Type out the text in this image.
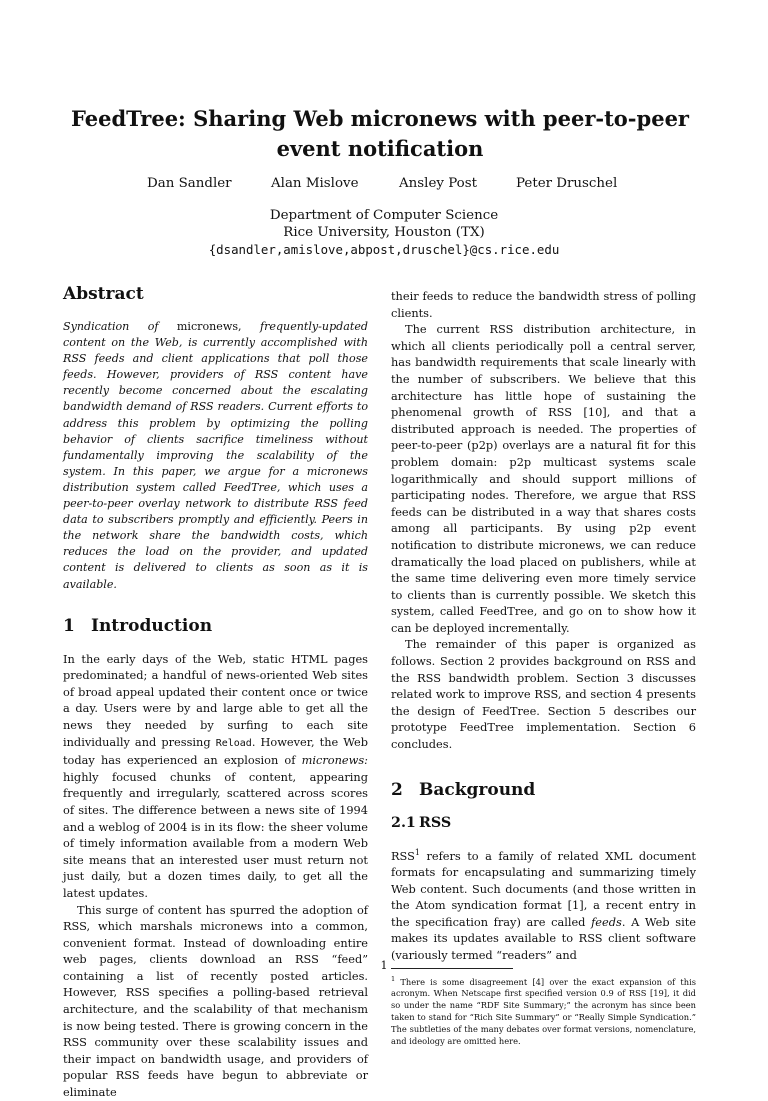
FeedTree: Sharing Web micronews with peer-to-peer event notification
Dan Sandler	Alan Mislove	Ansley Post	Peter Druschel
Department of Computer Science
Rice University, Houston (TX)
{dsandler,amislove,abpost,druschel}@cs.rice.edu
Abstract

Syndication of micronews, frequently-updated content on the Web, is currently accomplished with RSS feeds and client applications that poll those feeds. However, providers of RSS content have recently become concerned about the escalating bandwidth demand of RSS readers. Current efforts to address this problem by optimizing the polling behavior of clients sacrifice timeliness without fundamentally improving the scalability of the system. In this paper, we argue for a micronews distribution system called FeedTree, which uses a peer-to-peer overlay network to distribute RSS feed data to subscribers promptly and efficiently. Peers in the network share the bandwidth costs, which reduces the load on the provider, and updated content is delivered to clients as soon as it is available.

1 Introduction

In the early days of the Web, static HTML pages predominated; a handful of news-oriented Web sites of broad appeal updated their content once or twice a day. Users were by and large able to get all the news they needed by surfing to each site individually and pressing Reload. However, the Web today has experienced an explosion of micronews: highly focused chunks of content, appearing frequently and irregularly, scattered across scores of sites. The difference between a news site of 1994 and a weblog of 2004 is in its flow: the sheer volume of timely information available from a modern Web site means that an interested user must return not just daily, but a dozen times daily, to get all the latest updates.

This surge of content has spurred the adoption of RSS, which marshals micronews into a common, convenient format. Instead of downloading entire web pages, clients download an RSS “feed” containing a list of recently posted articles. However, RSS specifies a polling-based retrieval architecture, and the scalability of that mechanism is now being tested. There is growing concern in the RSS community over these scalability issues and their impact on bandwidth usage, and providers of popular RSS feeds have begun to abbreviate or eliminate

their feeds to reduce the bandwidth stress of polling clients.

The current RSS distribution architecture, in which all clients periodically poll a central server, has bandwidth requirements that scale linearly with the number of subscribers. We believe that this architecture has little hope of sustaining the phenomenal growth of RSS [10], and that a distributed approach is needed. The properties of peer-to-peer (p2p) overlays are a natural fit for this problem domain: p2p multicast systems scale logarithmically and should support millions of participating nodes. Therefore, we argue that RSS feeds can be distributed in a way that shares costs among all participants. By using p2p event notification to distribute micronews, we can reduce dramatically the load placed on publishers, while at the same time delivering even more timely service to clients than is currently possible. We sketch this system, called FeedTree, and go on to show how it can be deployed incrementally.

The remainder of this paper is organized as follows. Section 2 provides background on RSS and the RSS bandwidth problem. Section 3 discusses related work to improve RSS, and section 4 presents the design of FeedTree. Section 5 describes our prototype FeedTree implementation. Section 6 concludes.

2 Background
2.1 RSS

RSS$^1$ refers to a family of related XML document formats for encapsulating and summarizing timely Web content. Such documents (and those written in the Atom syndication format [1], a recent entry in the specification fray) are called feeds. A Web site makes its updates available to RSS client software (variously termed “readers” and

$^1$ There is some disagreement [4] over the exact expansion of this acronym. When Netscape first specified version 0.9 of RSS [19], it did so under the name “RDF Site Summary;” the acronym has since been taken to stand for “Rich Site Summary” or “Really Simple Syndication.” The subtleties of the many debates over format versions, nomenclature, and ideology are omitted here.

1
